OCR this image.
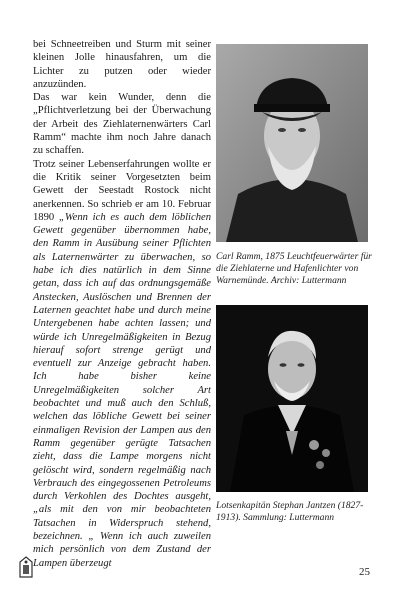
bei Schneetreiben und Sturm mit seiner kleinen Jolle hinausfahren, um die Lichter zu putzen oder wieder anzuzünden.

Das war kein Wunder, denn die „Pflichtverletzung bei der Überwachung der Arbeit des Ziehlaternenwärters Carl Ramm“ machte ihm noch Jahre danach zu schaffen.

Trotz seiner Lebenserfahrungen wollte er die Kritik seiner Vorgesetzten beim Gewett der Seestadt Rostock nicht anerkennen. So schrieb er am 10. Februar 1890 „Wenn ich es auch dem löblichen Gewett gegenüber übernommen habe, den Ramm in Ausübung seiner Pflichten als Laternenwärter zu überwachen, so habe ich dies natürlich in dem Sinne getan, dass ich auf das ordnungsgemäße Anstecken, Auslöschen und Brennen der Laternen geachtet habe und durch meine Untergebenen habe achten lassen; und würde ich Unregelmäßigkeiten in Bezug hierauf sofort strenge gerügt und eventuell zur Anzeige gebracht haben. Ich habe bisher keine Unregelmäßigkeiten solcher Art beobachtet und muß auch den Schluß, welchen das löbliche Gewett bei seiner einmaligen Revision der Lampen aus den Ramm gegenüber gerügte Tatsachen zieht, dass die Lampe morgens nicht gelöscht wird, sondern regelmäßig nach Verbrauch des eingegossenen Petroleums durch Verkohlen des Dochtes ausgeht, „als mit den von mir beobachteten Tatsachen in Widerspruch stehend, bezeichnen. „ Wenn ich auch zuweilen mich persönlich von dem Zustand der Lampen überzeugt

Carl Ramm, 1875 Leuchtfeuerwärter für die Ziehlaterne und Hafenlichter von Warnemünde. Archiv: Luttermann
Lotsenkapitän Stephan Jantzen (1827-1913). Sammlung: Luttermann
25
